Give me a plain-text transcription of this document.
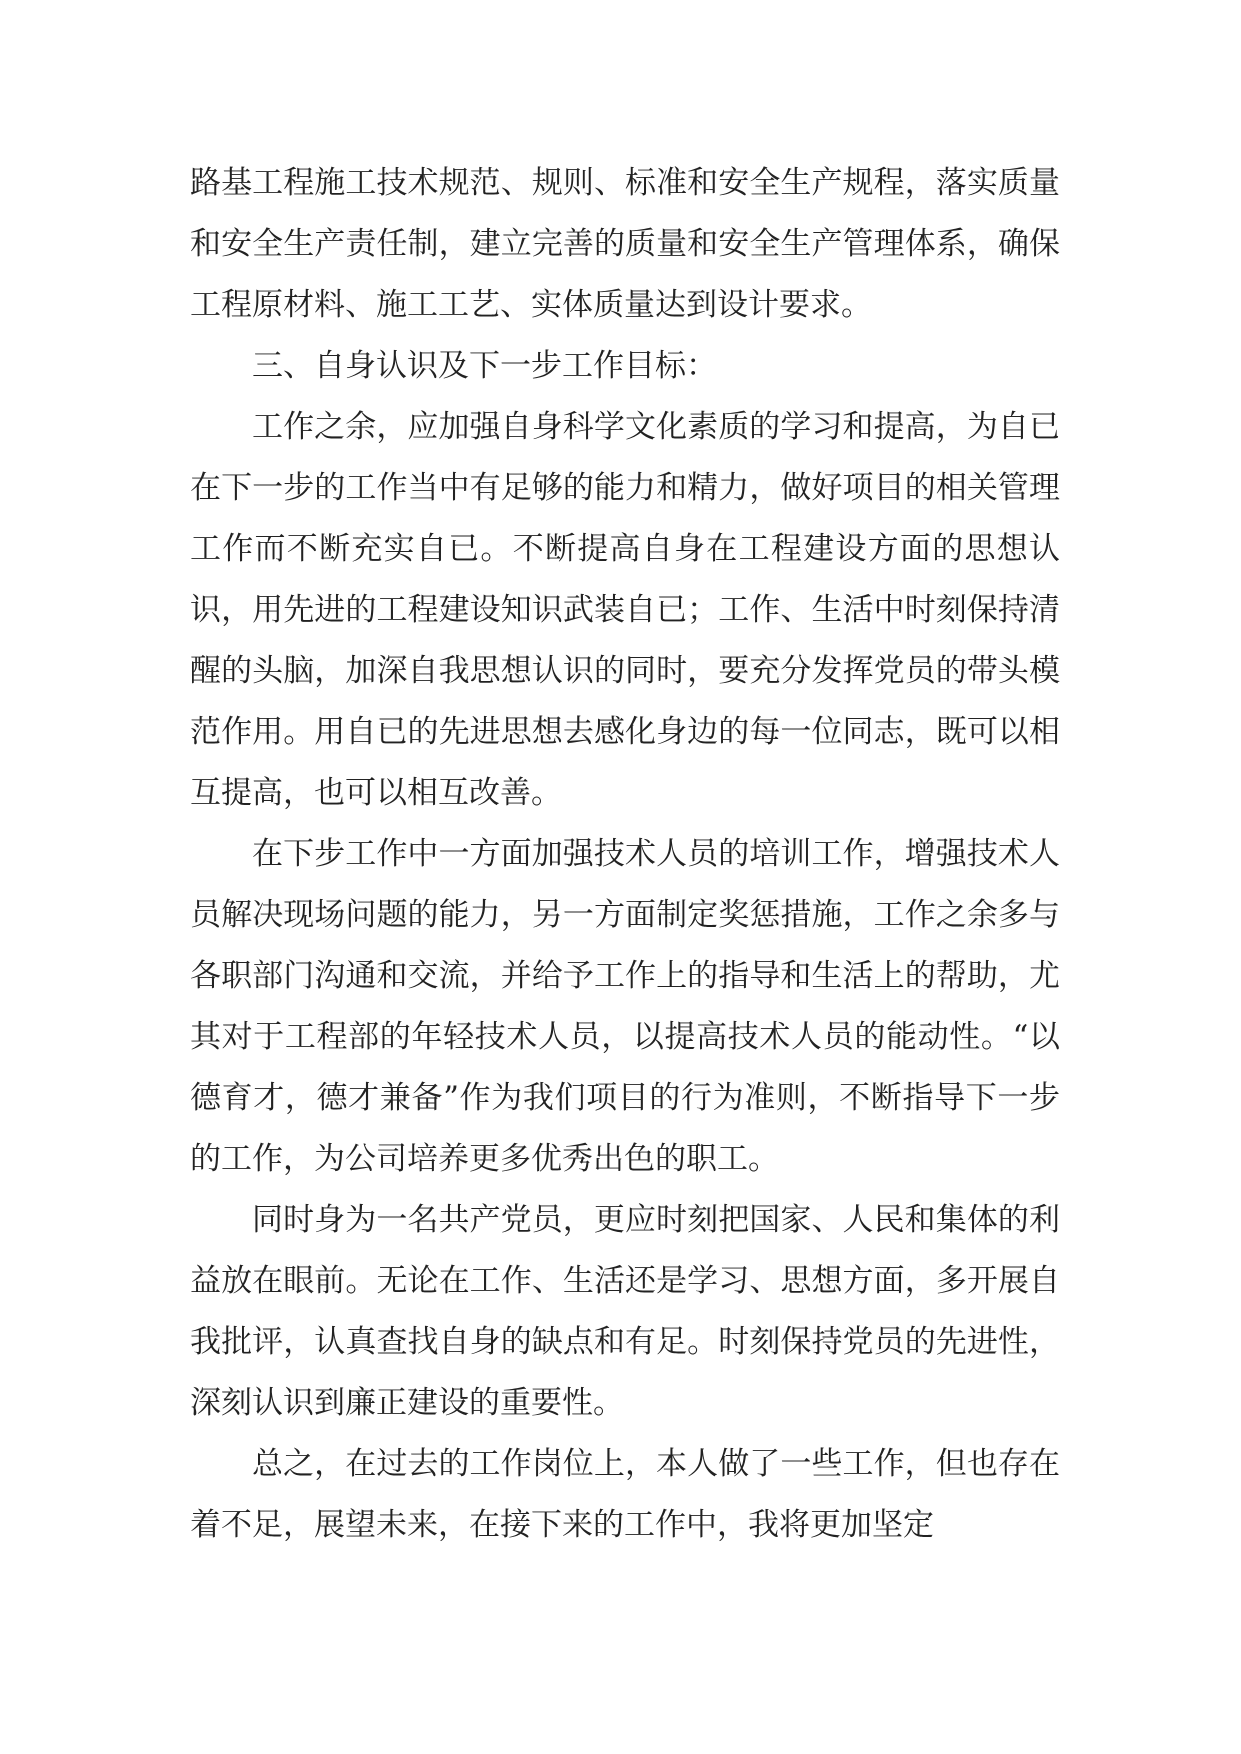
路基工程施工技术规范、规则、标准和安全生产规程，落实质量和安全生产责任制，建立完善的质量和安全生产管理体系，确保工程原材料、施工工艺、实体质量达到设计要求。

三、自身认识及下一步工作目标：

工作之余，应加强自身科学文化素质的学习和提高，为自已在下一步的工作当中有足够的能力和精力，做好项目的相关管理工作而不断充实自已。不断提高自身在工程建设方面的思想认识，用先进的工程建设知识武装自已；工作、生活中时刻保持清醒的头脑，加深自我思想认识的同时，要充分发挥党员的带头模范作用。用自已的先进思想去感化身边的每一位同志，既可以相互提高，也可以相互改善。

在下步工作中一方面加强技术人员的培训工作，增强技术人员解决现场问题的能力，另一方面制定奖惩措施，工作之余多与各职部门沟通和交流，并给予工作上的指导和生活上的帮助，尤其对于工程部的年轻技术人员，以提高技术人员的能动性。“以德育才，德才兼备”作为我们项目的行为准则，不断指导下一步的工作，为公司培养更多优秀出色的职工。

同时身为一名共产党员，更应时刻把国家、人民和集体的利益放在眼前。无论在工作、生活还是学习、思想方面，多开展自我批评，认真查找自身的缺点和有足。时刻保持党员的先进性，深刻认识到廉正建设的重要性。

总之，在过去的工作岗位上，本人做了一些工作，但也存在着不足，展望未来，在接下来的工作中，我将更加坚定
